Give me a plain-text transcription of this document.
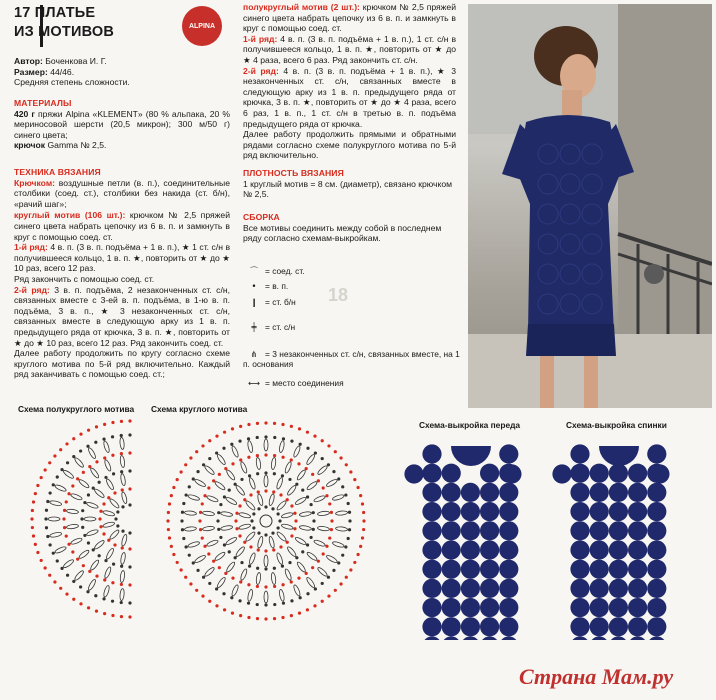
17 ПЛАТЬЕ
ИЗ МОТИВОВ
Автор: Боченкова И. Г.
Размер: 44/46.
Средняя степень сложности.
МАТЕРИАЛЫ
420 г пряжи Alpina «KLEMENT» (80 % альпака, 20 % мериносовой шерсти (20,5 микрон); 300 м/50 г) синего цвета;
крючок Gamma № 2,5.
ТЕХНИКА ВЯЗАНИЯ
Крючком: воздушные петли (в. п.), соединительные столбики (соед. ст.), столбики без накида (ст. б/н), «рачий шаг»;
круглый мотив (106 шт.): крючком № 2,5 пряжей синего цвета набрать цепочку из 6 в. п. и замкнуть в круг с помощью соед. ст.
1-й ряд: 4 в. п. (3 в. п. подъёма + 1 в. п.), ★ 1 ст. с/н в получившееся кольцо, 1 в. п. ★, повторить от ★ до ★ 10 раз, всего 12 раз.
Ряд закончить с помощью соед. ст.
2-й ряд: 3 в. п. подъёма, 2 незаконченных ст. с/н, связанных вместе с 3-ей в. п. подъёма, в 1-ю в. п. подъёма, 3 в. п., ★ 3 незаконченных ст. с/н, связанных вместе в следующую арку из 1 в. п. предыдущего ряда от крючка, 3 в. п. ★, повторить от ★ до ★ 10 раз, всего 12 раз. Ряд закончить соед. ст.
Далее работу продолжить по кругу согласно схеме круглого мотива по 5-й ряд включительно. Каждый ряд заканчивать с помощью соед. ст.;
полукруглый мотив (2 шт.): крючком № 2,5 пряжей синего цвета набрать цепочку из 6 в. п. и замкнуть в круг с помощью соед. ст.
1-й ряд: 4 в. п. (3 в. п. подъёма + 1 в. п.), 1 ст. с/н в получившееся кольцо, 1 в. п. ★, повторить от ★ до ★ 4 раза, всего 6 раз. Ряд закончить ст. с/н.
2-й ряд: 4 в. п. (3 в. п. подъёма + 1 в. п.), ★ 3 незаконченных ст. с/н, связанных вместе в следующую арку из 1 в. п. предыдущего ряда от крючка, 3 в. п. ★, повторить от ★ до ★ 4 раза, всего 6 раз, 1 в. п., 1 ст. с/н в третью в. п. подъёма предыдущего ряда от крючка.
Далее работу продолжить прямыми и обратными рядами согласно схеме полукруглого мотива по 5-й ряд включительно.
ПЛОТНОСТЬ ВЯЗАНИЯ
1 круглый мотив = 8 см. (диаметр), связано крючком № 2,5.
СБОРКА
Все мотивы соединить между собой в последнем ряду согласно схемам-выкройкам.
⌒ = соед. ст.
• = в. п.
❙ = ст. б/н
╪ = ст. с/н
⋔ = 3 незаконченных ст. с/н, связанных вместе, на 1 п. основания
⟷ = место соединения
18
ALPINA
Схема полукруглого мотива Схема круглого мотива
Схема-выкройка переда	Схема-выкройка спинки
Страна Мам.ру
